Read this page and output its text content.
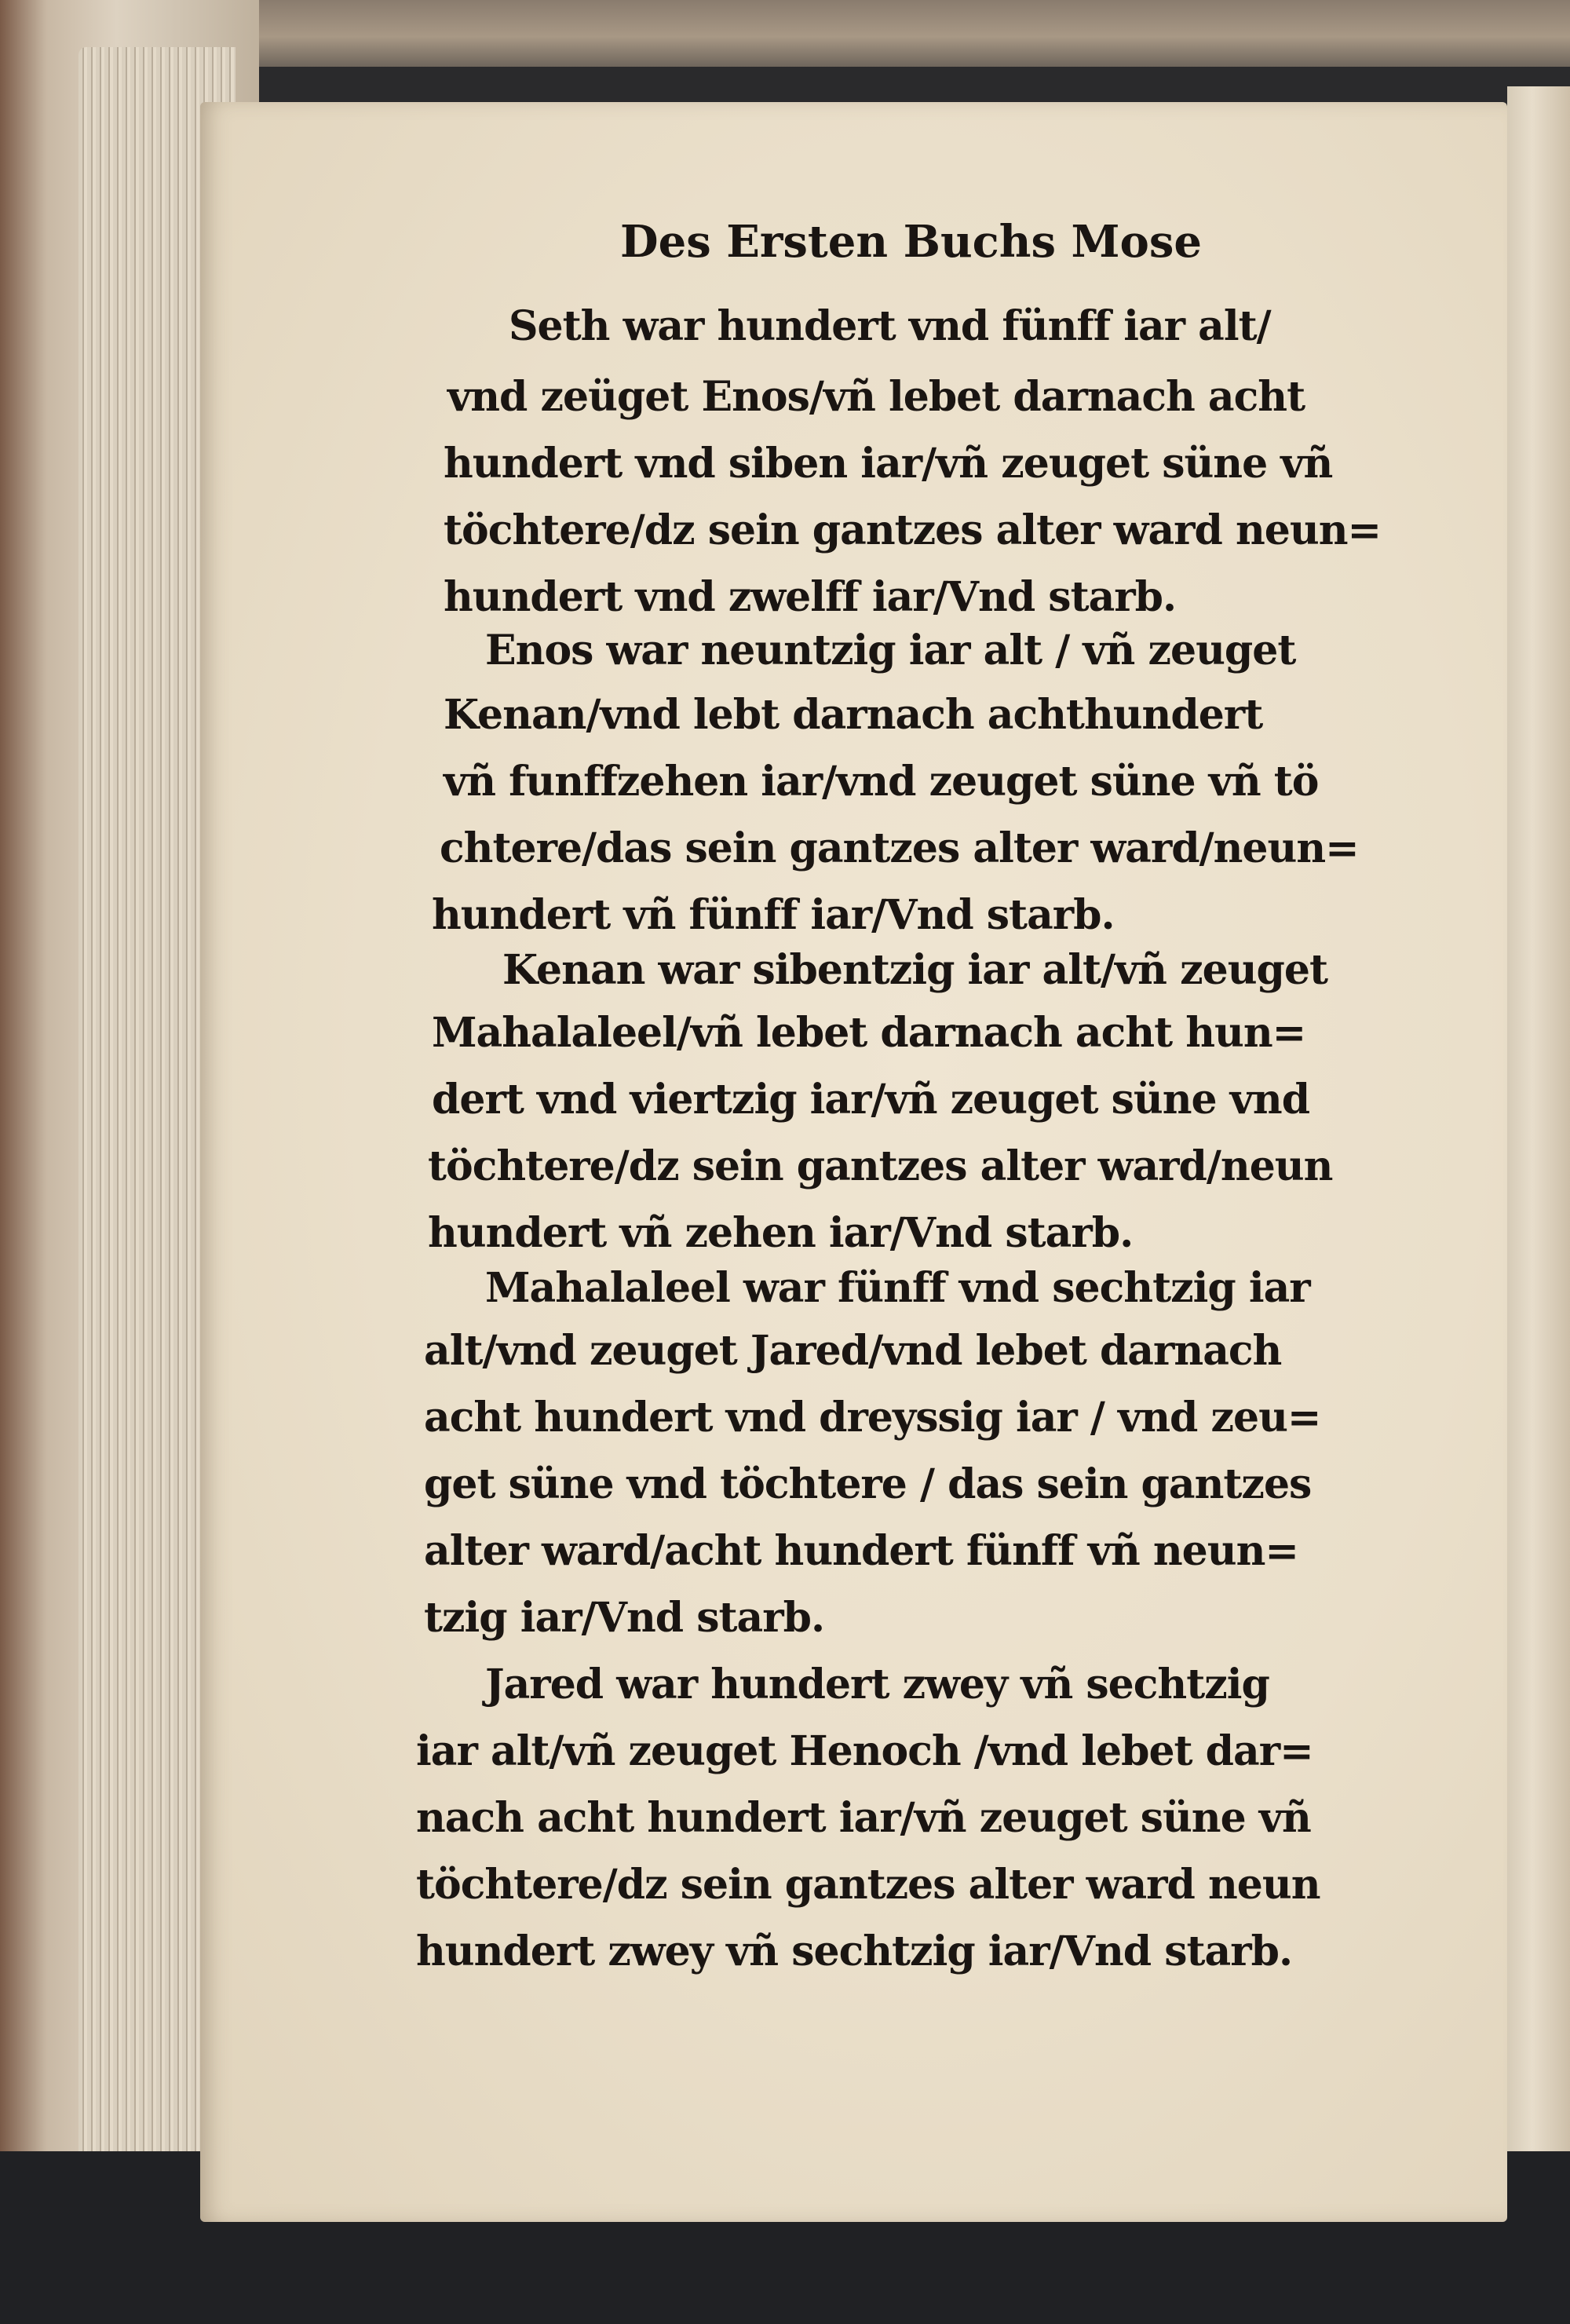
Des Ersten Buchs Mose
Seth war hundert vnd fünff iar alt/
vnd zeüget Enos/vñ lebet darnach acht
hundert vnd siben iar/vñ zeuget süne vñ
töchtere/dz sein gantzes alter ward neun=
hundert vnd zwelff iar/Vnd starb.
Enos war neuntzig iar alt / vñ zeuget
Kenan/vnd lebt darnach achthundert
vñ funffzehen iar/vnd zeuget süne vñ tö
chtere/das sein gantzes alter ward/neun=
hundert vñ fünff iar/Vnd starb.
Kenan war sibentzig iar alt/vñ zeuget
Mahalaleel/vñ lebet darnach acht hun=
dert vnd viertzig iar/vñ zeuget süne vnd
töchtere/dz sein gantzes alter ward/neun
hundert vñ zehen iar/Vnd starb.
Mahalaleel war fünff vnd sechtzig iar
alt/vnd zeuget Jared/vnd lebet darnach
acht hundert vnd dreyssig iar / vnd zeu=
get süne vnd töchtere / das sein gantzes
alter ward/acht hundert fünff vñ neun=
tzig iar/Vnd starb.
Jared war hundert zwey vñ sechtzig
iar alt/vñ zeuget Henoch /vnd lebet dar=
nach acht hundert iar/vñ zeuget süne vñ
töchtere/dz sein gantzes alter ward neun
hundert zwey vñ sechtzig iar/Vnd starb.
